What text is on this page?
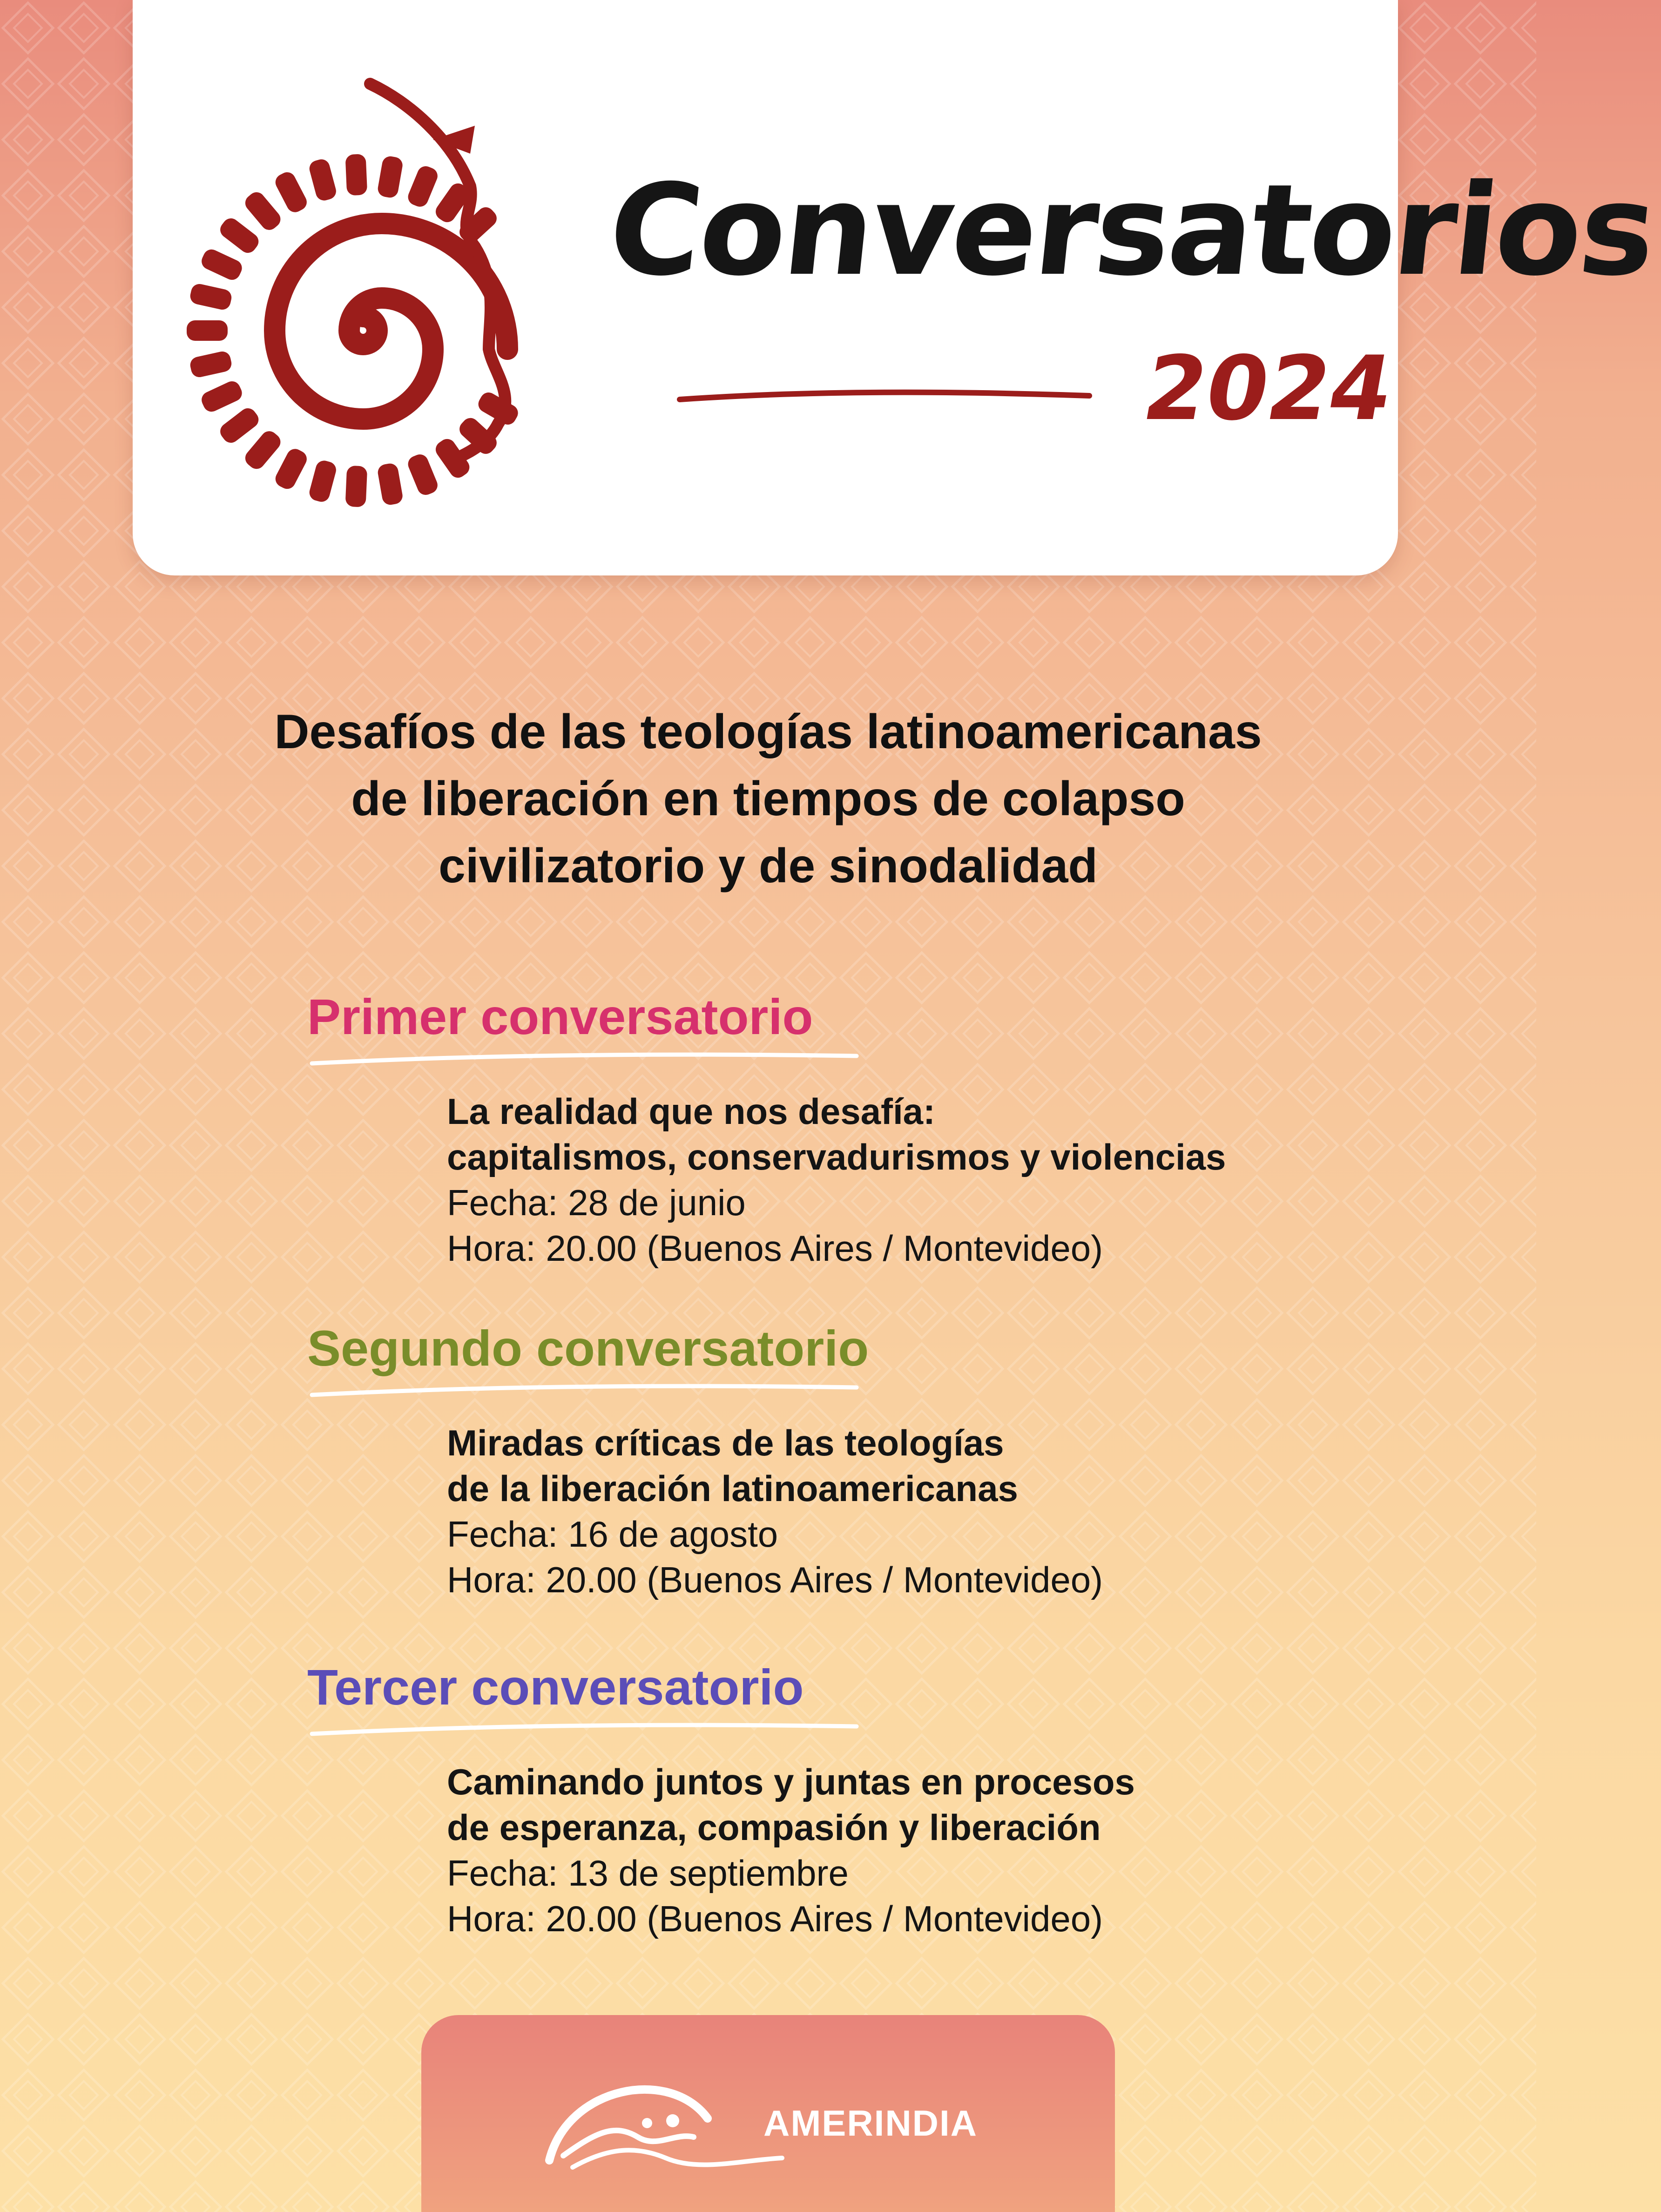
Conversatorios
2024
Desafíos de las teologías latinoamericanas
de liberación en tiempos de colapso
civilizatorio y de sinodalidad
Primer conversatorio
La realidad que nos desafía:
capitalismos, conservadurismos y violencias
Fecha: 28 de junio
Hora: 20.00 (Buenos Aires / Montevideo)
Segundo conversatorio
Miradas críticas de las teologías
de la liberación latinoamericanas
Fecha: 16 de agosto
Hora: 20.00 (Buenos Aires / Montevideo)
Tercer conversatorio
Caminando juntos y juntas en procesos
de esperanza, compasión y liberación
Fecha: 13 de septiembre
Hora: 20.00 (Buenos Aires / Montevideo)
AMERINDIA
